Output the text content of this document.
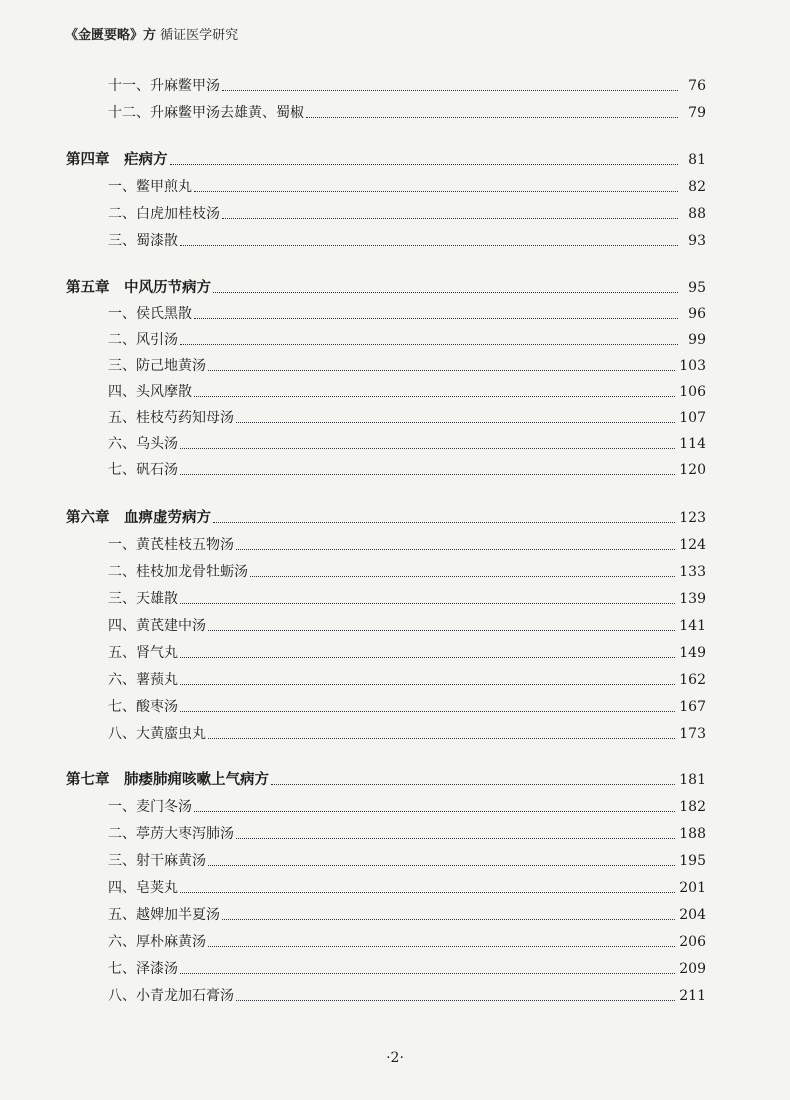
《金匮要略》方 循证医学研究
十一、升麻鳖甲汤	76
十二、升麻鳖甲汤去雄黄、蜀椒	79
第四章　疟病方	81
一、鳖甲煎丸	82
二、白虎加桂枝汤	88
三、蜀漆散	93
第五章　中风历节病方	95
一、侯氏黑散	96
二、风引汤	99
三、防己地黄汤	103
四、头风摩散	106
五、桂枝芍药知母汤	107
六、乌头汤	114
七、矾石汤	120
第六章　血痹虚劳病方	123
一、黄芪桂枝五物汤	124
二、桂枝加龙骨牡蛎汤	133
三、天雄散	139
四、黄芪建中汤	141
五、肾气丸	149
六、薯蓣丸	162
七、酸枣汤	167
八、大黄䗪虫丸	173
第七章　肺痿肺痈咳嗽上气病方	181
一、麦门冬汤	182
二、葶苈大枣泻肺汤	188
三、射干麻黄汤	195
四、皂荚丸	201
五、越婢加半夏汤	204
六、厚朴麻黄汤	206
七、泽漆汤	209
八、小青龙加石膏汤	211
·2·
